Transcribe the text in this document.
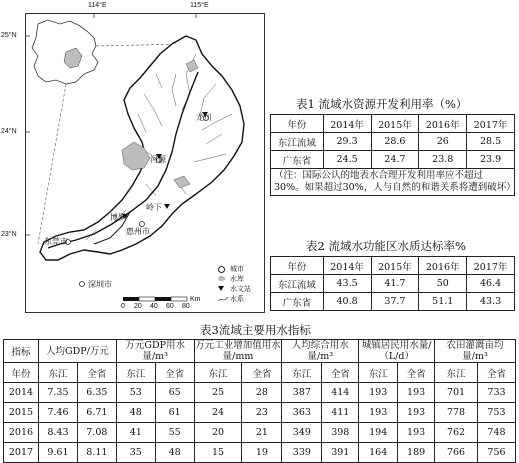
114°E	115°E
25°N
24°N
23°N
龙川
河源
博罗
岭下
惠州市
东莞市
深圳市
0 20 40 60 80
Km
城市
水库
水文站
水系
表1 流域水资源开发利用率（%）
年份	2014年	2015年	2016年	2017年
东江流域	29.3	28.6	26	28.5
广东省	24.5	24.7	23.8	23.9
（注：国际公认的地表水合理开发利用率应不超过30%。如果超过30%，人与自然的和谐关系将遭到破坏）				
表2 流域水功能区水质达标率%
年份	2014年	2015年	2016年	2017年
东江流域	43.5	41.7	50	46.4
广东省	40.8	37.7	51.1	43.3
表3流域主要用水指标
指标	人均GDP/万元		万元GDP用水量/m³		万元工业增加值用水量/mm		人均综合用水量/m³		城镇居民用水量/（L/d）		农田灌溉亩均量/m³	
年份	东江	全省	东江	全省	东江	全省	东江	全省	东江	全省	东江	全省
2014	7.35	6.35	53	65	25	28	387	414	193	193	701	733
2015	7.46	6.71	48	61	24	23	363	411	193	193	778	753
2016	8.43	7.08	41	55	20	21	349	398	194	193	762	748
2017	9.61	8.11	35	48	15	19	339	391	164	189	766	756
